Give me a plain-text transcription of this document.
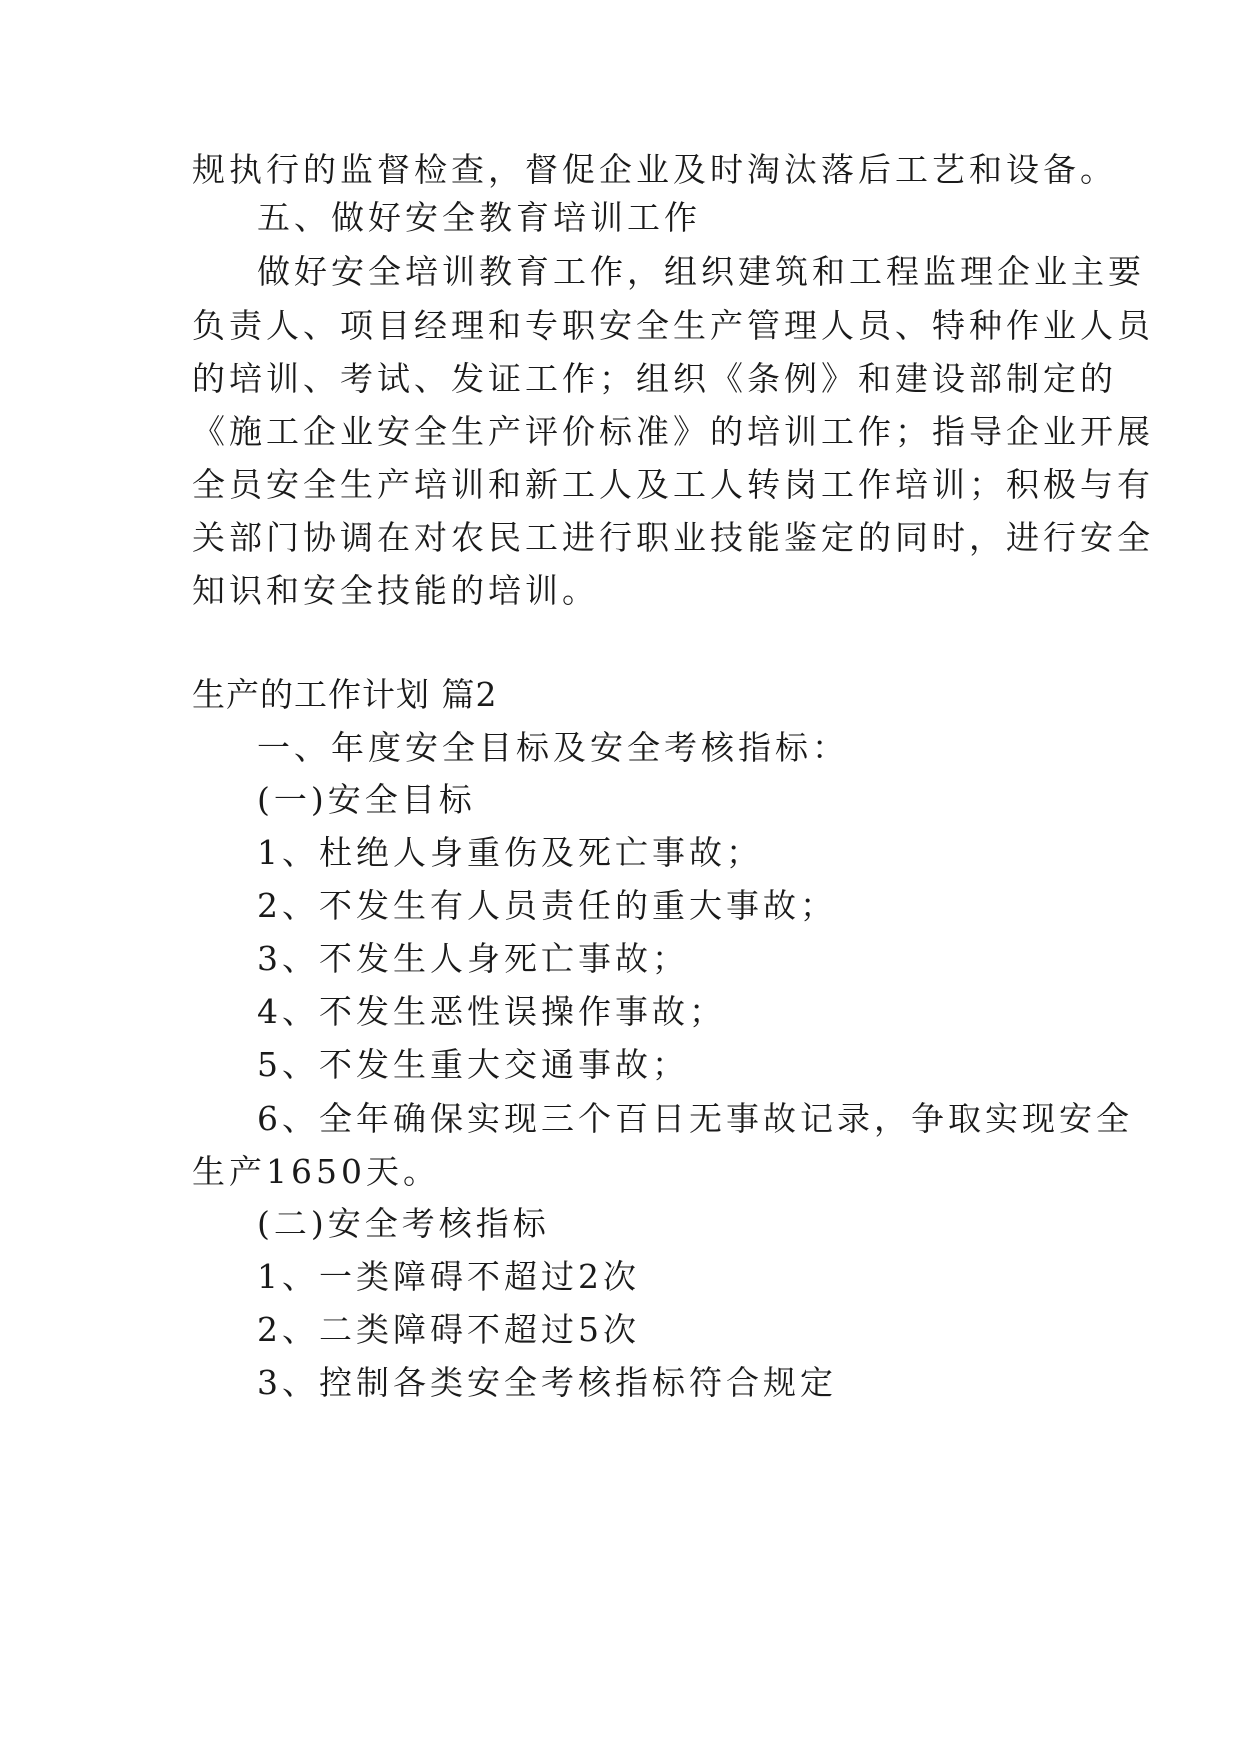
规执行的监督检查，督促企业及时淘汰落后工艺和设备。
五、做好安全教育培训工作
做好安全培训教育工作，组织建筑和工程监理企业主要
负责人、项目经理和专职安全生产管理人员、特种作业人员
的培训、考试、发证工作；组织《条例》和建设部制定的
《施工企业安全生产评价标准》的培训工作；指导企业开展
全员安全生产培训和新工人及工人转岗工作培训；积极与有
关部门协调在对农民工进行职业技能鉴定的同时，进行安全
知识和安全技能的培训。
生产的工作计划 篇2
一、年度安全目标及安全考核指标：
(一)安全目标
1、杜绝人身重伤及死亡事故；
2、不发生有人员责任的重大事故；
3、不发生人身死亡事故；
4、不发生恶性误操作事故；
5、不发生重大交通事故；
6、全年确保实现三个百日无事故记录，争取实现安全
生产1650天。
(二)安全考核指标
1、一类障碍不超过2次
2、二类障碍不超过5次
3、控制各类安全考核指标符合规定
